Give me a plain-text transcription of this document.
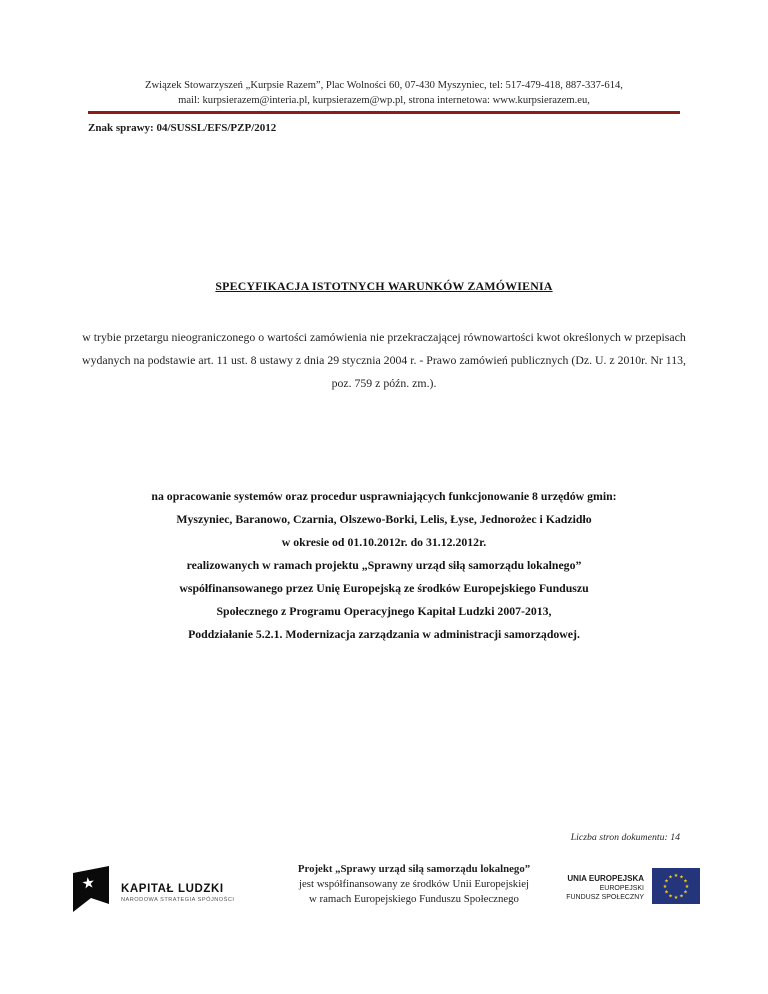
Związek Stowarzyszeń „Kurpsie Razem”, Plac Wolności 60, 07-430 Myszyniec, tel: 517-479-418, 887-337-614,
mail: kurpsierazem@interia.pl, kurpsierazem@wp.pl, strona internetowa: www.kurpsierazem.eu,
Znak sprawy: 04/SUSSL/EFS/PZP/2012
SPECYFIKACJA ISTOTNYCH WARUNKÓW ZAMÓWIENIA
w trybie przetargu nieograniczonego o wartości zamówienia nie przekraczającej równowartości kwot określonych w przepisach wydanych na podstawie art. 11 ust. 8 ustawy z dnia 29 stycznia 2004 r. - Prawo zamówień publicznych (Dz. U. z 2010r. Nr 113, poz. 759 z późn. zm.).
na opracowanie systemów oraz procedur usprawniających funkcjonowanie 8 urzędów gmin:
Myszyniec, Baranowo, Czarnia, Olszewo-Borki, Lelis, Łyse, Jednorożec i Kadzidło
w okresie od 01.10.2012r. do 31.12.2012r.
realizowanych w ramach projektu „Sprawny urząd siłą samorządu lokalnego”
współfinansowanego przez Unię Europejską ze środków Europejskiego Funduszu
Społecznego z Programu Operacyjnego Kapitał Ludzki 2007-2013,
Poddziałanie 5.2.1. Modernizacja zarządzania w administracji samorządowej.
Liczba stron dokumentu: 14
★ KAPITAŁ LUDZKI
NARODOWA STRATEGIA SPÓJNOŚCI
Projekt „Sprawy urząd siłą samorządu lokalnego”
jest współfinansowany ze środków Unii Europejskiej
w ramach Europejskiego Funduszu Społecznego
UNIA EUROPEJSKA
EUROPEJSKI
FUNDUSZ SPOŁECZNY
★ ★
★
★
★
★
★
★
★
★
★
★
